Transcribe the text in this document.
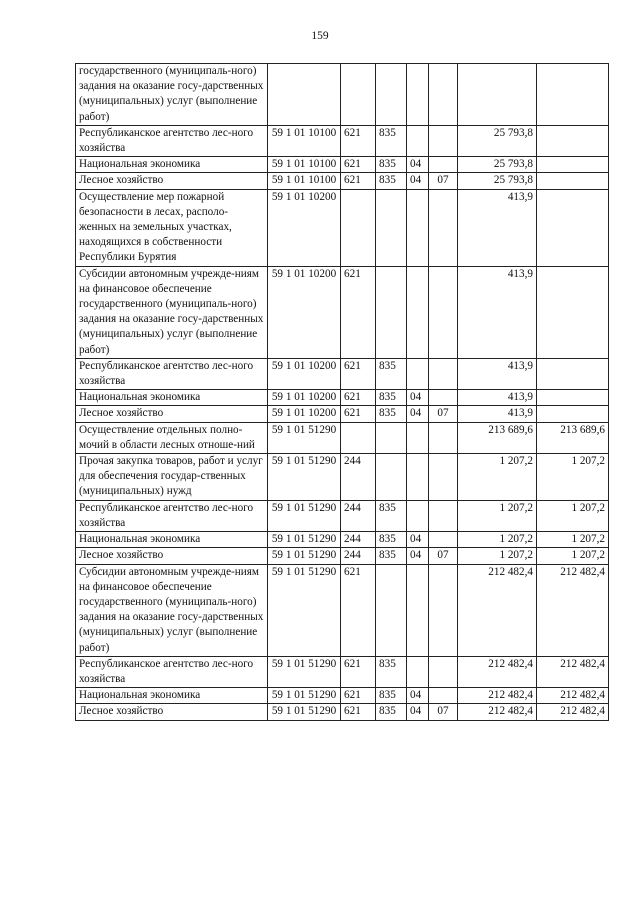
159
государственного (муниципаль-ного) задания на оказание госу-дарственных (муниципальных) услуг (выполнение работ)							
Республиканское агентство лес-ного хозяйства	59 1 01 10100	621	835			25 793,8	
Национальная экономика	59 1 01 10100	621	835	04		25 793,8	
Лесное хозяйство	59 1 01 10100	621	835	04	07	25 793,8	
Осуществление мер пожарной безопасности в лесах, располо-женных на земельных участках, находящихся в собственности Республики Бурятия	59 1 01 10200					413,9	
Субсидии автономным учрежде-ниям на финансовое обеспечение государственного (муниципаль-ного) задания на оказание госу-дарственных (муниципальных) услуг (выполнение работ)	59 1 01 10200	621				413,9	
Республиканское агентство лес-ного хозяйства	59 1 01 10200	621	835			413,9	
Национальная экономика	59 1 01 10200	621	835	04		413,9	
Лесное хозяйство	59 1 01 10200	621	835	04	07	413,9	
Осуществление отдельных полно-мочий в области лесных отноше-ний	59 1 01 51290					213 689,6	213 689,6
Прочая закупка товаров, работ и услуг для обеспечения государ-ственных (муниципальных) нужд	59 1 01 51290	244				1 207,2	1 207,2
Республиканское агентство лес-ного хозяйства	59 1 01 51290	244	835			1 207,2	1 207,2
Национальная экономика	59 1 01 51290	244	835	04		1 207,2	1 207,2
Лесное хозяйство	59 1 01 51290	244	835	04	07	1 207,2	1 207,2
Субсидии автономным учрежде-ниям на финансовое обеспечение государственного (муниципаль-ного) задания на оказание госу-дарственных (муниципальных) услуг (выполнение работ)	59 1 01 51290	621				212 482,4	212 482,4
Республиканское агентство лес-ного хозяйства	59 1 01 51290	621	835			212 482,4	212 482,4
Национальная экономика	59 1 01 51290	621	835	04		212 482,4	212 482,4
Лесное хозяйство	59 1 01 51290	621	835	04	07	212 482,4	212 482,4
